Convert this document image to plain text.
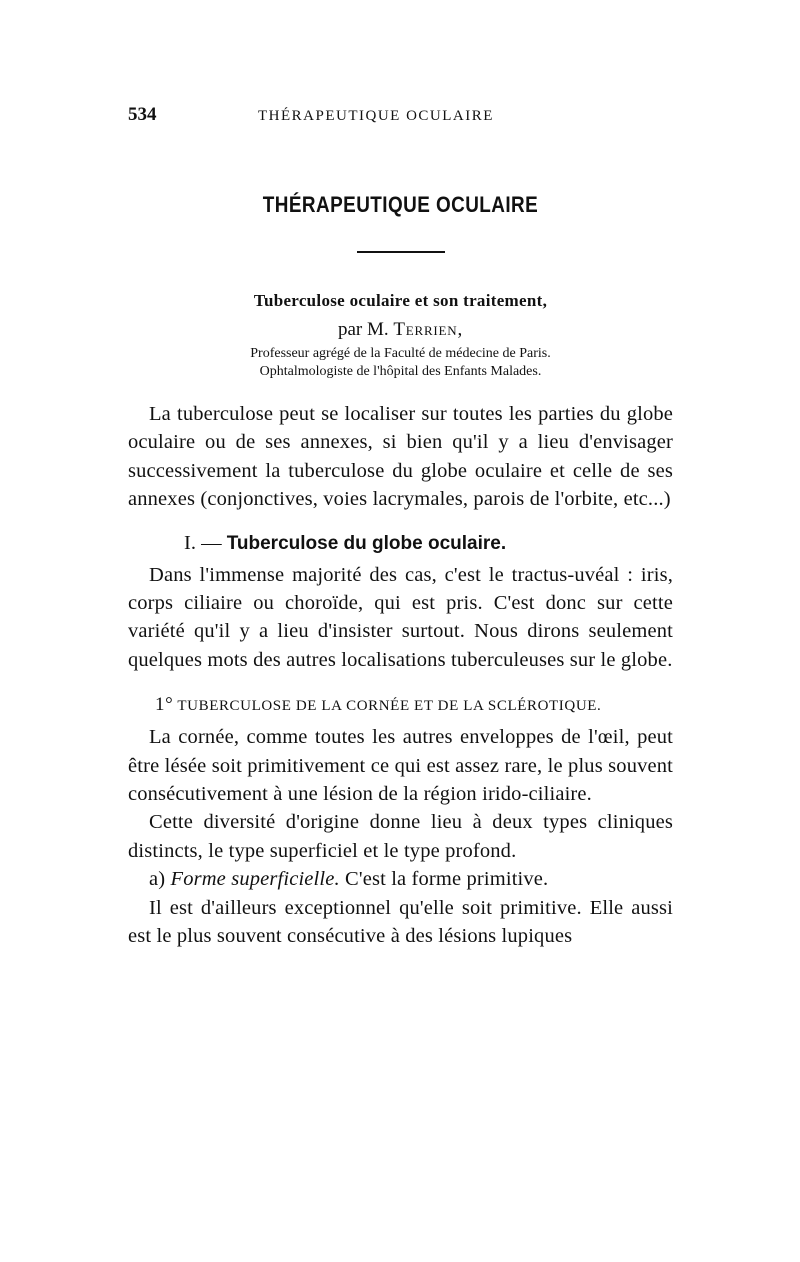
534	THÉRAPEUTIQUE OCULAIRE
THÉRAPEUTIQUE OCULAIRE
Tuberculose oculaire et son traitement,
par M. Terrien,
Professeur agrégé de la Faculté de médecine de Paris.
Ophtalmologiste de l'hôpital des Enfants Malades.

La tuberculose peut se localiser sur toutes les parties du globe oculaire ou de ses annexes, si bien qu'il y a lieu d'envisager successivement la tuberculose du globe oculaire et celle de ses annexes (conjonctives, voies lacrymales, parois de l'orbite, etc...)

I. — Tuberculose du globe oculaire.

Dans l'immense majorité des cas, c'est le tractus-uvéal : iris, corps ciliaire ou choroïde, qui est pris. C'est donc sur cette variété qu'il y a lieu d'insister surtout. Nous dirons seulement quelques mots des autres localisations tuberculeuses sur le globe.

1° TUBERCULOSE DE LA CORNÉE ET DE LA SCLÉROTIQUE.

La cornée, comme toutes les autres enveloppes de l'œil, peut être lésée soit primitivement ce qui est assez rare, le plus souvent consécutivement à une lésion de la région irido-ciliaire.

Cette diversité d'origine donne lieu à deux types cliniques distincts, le type superficiel et le type profond.

a) Forme superficielle. C'est la forme primitive.

Il est d'ailleurs exceptionnel qu'elle soit primitive. Elle aussi est le plus souvent consécutive à des lésions lupiques
